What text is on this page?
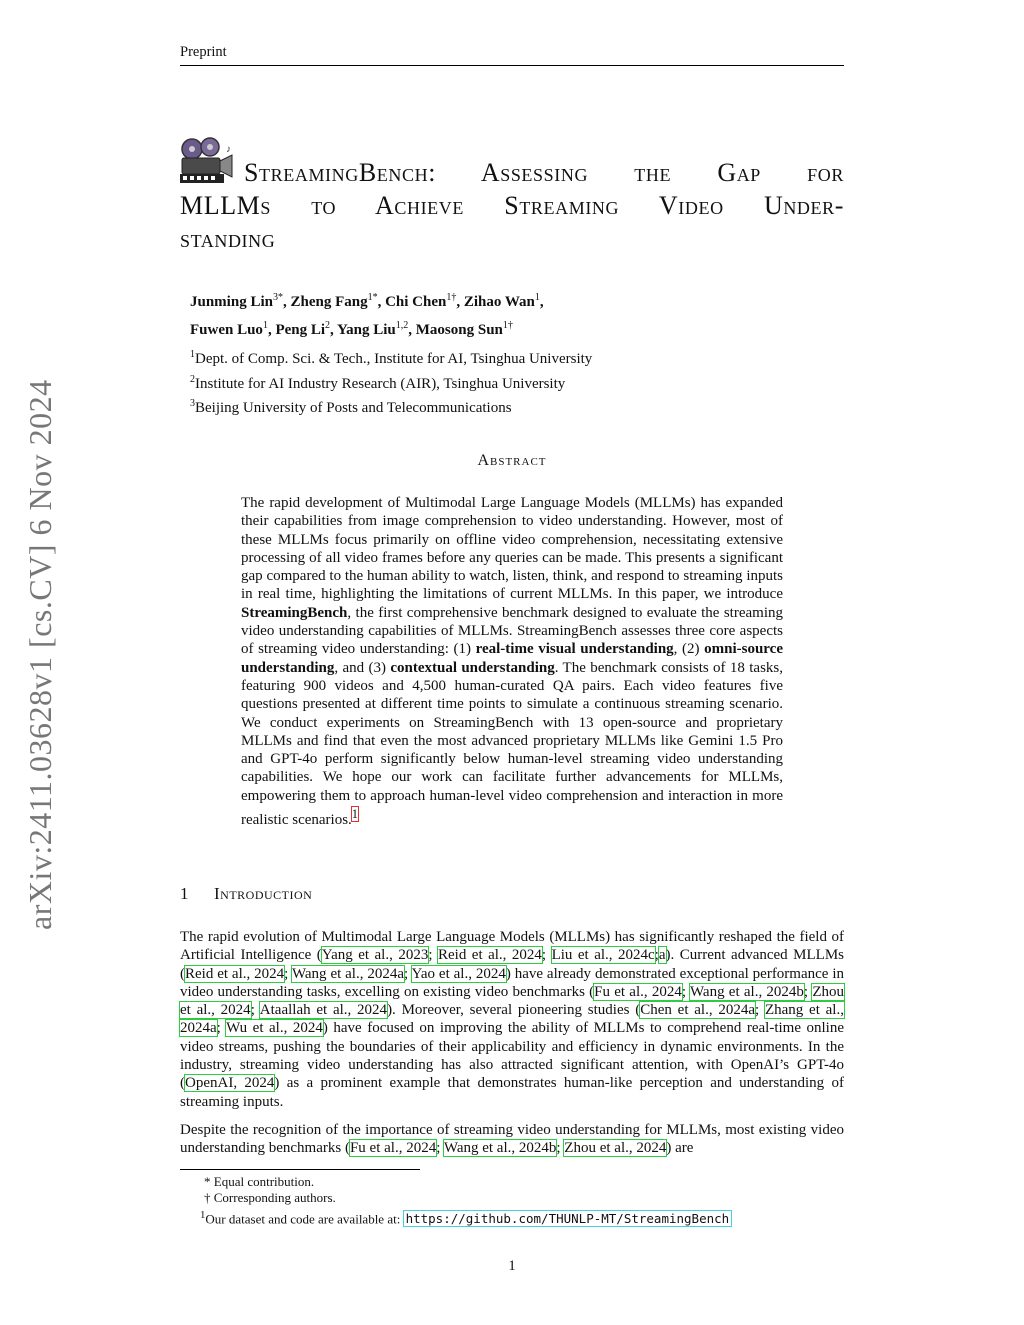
Preprint
arXiv:2411.03628v1 [cs.CV] 6 Nov 2024
♪
StreamingBench: Assessing the Gap for
MLLMs to Achieve Streaming Video Under-
standing
Junming Lin$^{3*}$, Zheng Fang$^{1*}$, Chi Chen$^{1\dagger}$, Zihao Wan$^1$,
Fuwen Luo$^1$, Peng Li$^2$, Yang Liu$^{1,2}$, Maosong Sun$^{1\dagger}$
$^1$Dept. of Comp. Sci. & Tech., Institute for AI, Tsinghua University
$^2$Institute for AI Industry Research (AIR), Tsinghua University
$^3$Beijing University of Posts and Telecommunications
Abstract
The rapid development of Multimodal Large Language Models (MLLMs) has expanded their capabilities from image comprehension to video understanding. However, most of these MLLMs focus primarily on offline video comprehension, necessitating extensive processing of all video frames before any queries can be made. This presents a significant gap compared to the human ability to watch, listen, think, and respond to streaming inputs in real time, highlighting the limitations of current MLLMs. In this paper, we introduce StreamingBench, the first comprehensive benchmark designed to evaluate the streaming video understanding capabilities of MLLMs. StreamingBench assesses three core aspects of streaming video understanding: (1) real-time visual understanding, (2) omni-source understanding, and (3) contextual understanding. The benchmark consists of 18 tasks, featuring 900 videos and 4,500 human-curated QA pairs. Each video features five questions presented at different time points to simulate a continuous streaming scenario. We conduct experiments on StreamingBench with 13 open-source and proprietary MLLMs and find that even the most advanced proprietary MLLMs like Gemini 1.5 Pro and GPT-4o perform significantly below human-level streaming video understanding capabilities. We hope our work can facilitate further advancements for MLLMs, empowering them to approach human-level video comprehension and interaction in more realistic scenarios.$^1$
1 Introduction
The rapid evolution of Multimodal Large Language Models (MLLMs) has significantly reshaped the field of Artificial Intelligence (Yang et al., 2023; Reid et al., 2024; Liu et al., 2024c;a). Current advanced MLLMs (Reid et al., 2024; Wang et al., 2024a; Yao et al., 2024) have already demonstrated exceptional performance in video understanding tasks, excelling on existing video benchmarks (Fu et al., 2024; Wang et al., 2024b; Zhou et al., 2024; Ataallah et al., 2024). Moreover, several pioneering studies (Chen et al., 2024a; Zhang et al., 2024a; Wu et al., 2024) have focused on improving the ability of MLLMs to comprehend real-time online video streams, pushing the boundaries of their applicability and efficiency in dynamic environments. In the industry, streaming video understanding has also attracted significant attention, with OpenAI’s GPT-4o (OpenAI, 2024) as a prominent example that demonstrates human-like perception and understanding of streaming inputs.
Despite the recognition of the importance of streaming video understanding for MLLMs, most existing video understanding benchmarks (Fu et al., 2024; Wang et al., 2024b; Zhou et al., 2024) are
* Equal contribution.
† Corresponding authors.
$^1$Our dataset and code are available at: https://github.com/THUNLP-MT/StreamingBench
1
